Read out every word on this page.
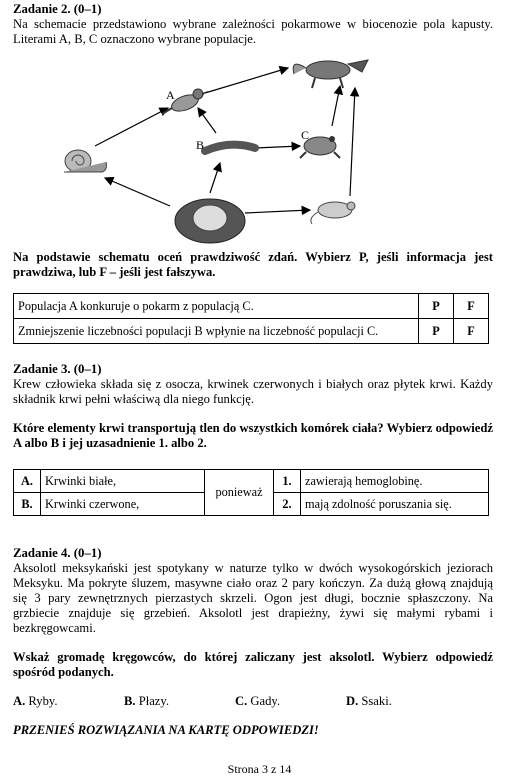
Zadanie 2. (0–1)

Na schemacie przedstawiono wybrane zależności pokarmowe w biocenozie pola kapusty. Literami A, B, C oznaczono wybrane populacje.

A
B
C

Na podstawie schematu oceń prawdziwość zdań. Wybierz P, jeśli informacja jest prawdziwa, lub F – jeśli jest fałszywa.

Populacja A konkuruje o pokarm z populacją C.	P	F
Zmniejszenie liczebności populacji B wpłynie na liczebność populacji C.	P	F
Zadanie 3. (0–1)

Krew człowieka składa się z osocza, krwinek czerwonych i białych oraz płytek krwi. Każdy składnik krwi pełni właściwą dla niego funkcję.

Które elementy krwi transportują tlen do wszystkich komórek ciała? Wybierz odpowiedź A albo B i jej uzasadnienie 1. albo 2.

A.	Krwinki białe,	ponieważ	1.	zawierają hemoglobinę.
B.	Krwinki czerwone,		2.	mają zdolność poruszania się.
Zadanie 4. (0–1)

Aksolotl meksykański jest spotykany w naturze tylko w dwóch wysokogórskich jeziorach Meksyku. Ma pokryte śluzem, masywne ciało oraz 2 pary kończyn. Za dużą głową znajdują się 3 pary zewnętrznych pierzastych skrzeli. Ogon jest długi, bocznie spłaszczony. Na grzbiecie znajduje się grzebień. Aksolotl jest drapieżny, żywi się małymi rybami i bezkręgowcami.

Wskaż gromadę kręgowców, do której zaliczany jest aksolotl. Wybierz odpowiedź spośród podanych.

A. Ryby.	B. Płazy.	C. Gady.	D. Ssaki.
PRZENIEŚ ROZWIĄZANIA NA KARTĘ ODPOWIEDZI!
Strona 3 z 14
